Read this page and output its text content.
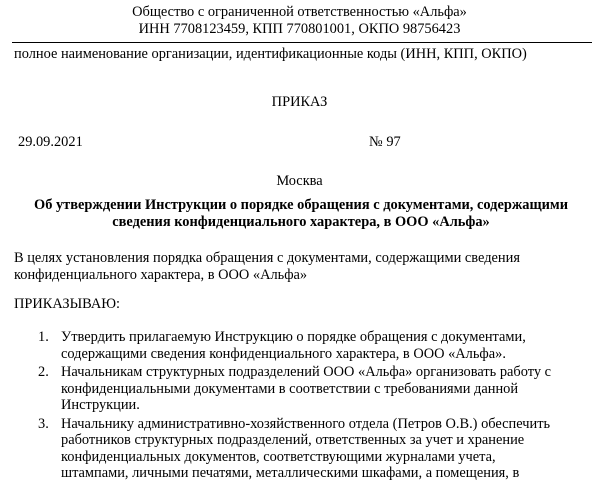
Общество с ограниченной ответственностью «Альфа»
ИНН 7708123459, КПП 770801001, ОКПО 98756423
полное наименование организации, идентификационные коды (ИНН, КПП, ОКПО)
ПРИКАЗ
29.09.2021	№ 97
Москва
Об утверждении Инструкции о порядке обращения с документами, содержащими
сведения конфиденциального характера, в ООО «Альфа»
В целях установления порядка обращения с документами, содержащими сведения
конфиденциального характера, в ООО «Альфа»
ПРИКАЗЫВАЮ:
1. Утвердить прилагаемую Инструкцию о порядке обращения с документами,
содержащими сведения конфиденциального характера, в ООО «Альфа».
2. Начальникам структурных подразделений ООО «Альфа» организовать работу с
конфиденциальными документами в соответствии с требованиями данной
Инструкции.
3. Начальнику административно-хозяйственного отдела (Петров О.В.) обеспечить
работников структурных подразделений, ответственных за учет и хранение
конфиденциальных документов, соответствующими журналами учета,
штампами, личными печатями, металлическими шкафами, а помещения, в
